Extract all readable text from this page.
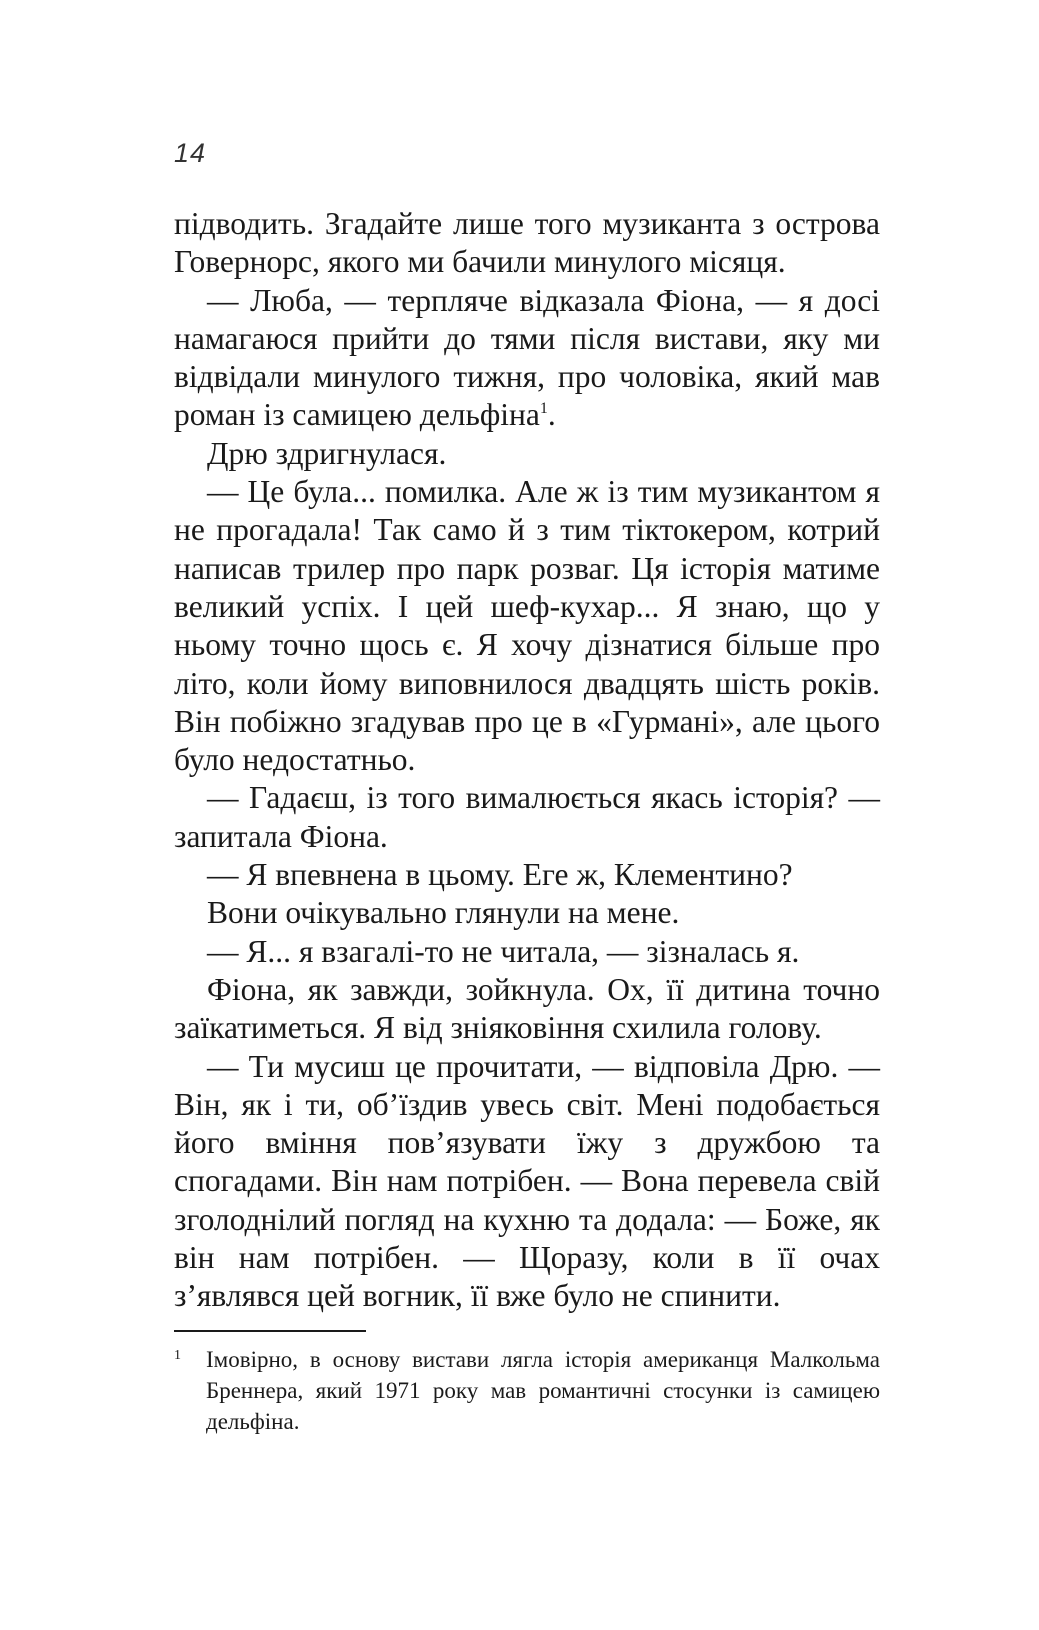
14

підводить. Згадайте лише того музиканта з острова Говернорс, якого ми бачили минулого місяця.

— Люба, — терпляче відказала Фіона, — я досі намагаюся прийти до тями після вистави, яку ми відвідали минулого тижня, про чоловіка, який мав роман із самицею дельфіна$^1$.

Дрю здригнулася.

— Це була... помилка. Але ж із тим музикантом я не прогадала! Так само й з тим тіктокером, котрий написав трилер про парк розваг. Ця історія матиме великий успіх. І цей шеф-кухар... Я знаю, що у ньому точно щось є. Я хочу дізнатися більше про літо, коли йому виповнилося двадцять шість років. Він побіжно згадував про це в «Гурмані», але цього було недостатньо.

— Гадаєш, із того вималюється якась історія? — запитала Фіона.

— Я впевнена в цьому. Еге ж, Клементино?

Вони очікувально глянули на мене.

— Я... я взагалі-то не читала, — зізналась я.

Фіона, як завжди, зойкнула. Ох, її дитина точно заїкатиметься. Я від зніяковіння схилила голову.

— Ти мусиш це прочитати, — відповіла Дрю. — Він, як і ти, об’їздив увесь світ. Мені подобається його вміння пов’язувати їжу з дружбою та спогадами. Він нам потрібен. — Вона перевела свій зголоднілий погляд на кухню та додала: — Боже, як він нам потрібен. — Щоразу, коли в її очах з’являвся цей вогник, її вже було не спинити.

1	Імовірно, в основу вистави лягла історія американця Малкольма Бреннера, який 1971 року мав романтичні стосунки із самицею дельфіна.
